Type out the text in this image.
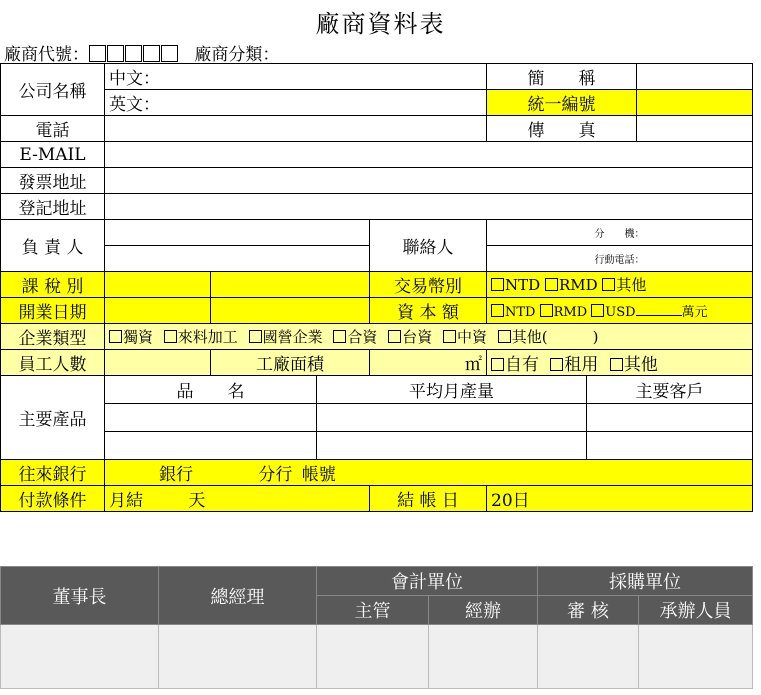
廠商資料表
廠商代號：	廠商分類：
公司名稱	中文：				簡　　稱		
	英文：				統一編號		
電話					傳　　真		
E-MAIL							
發票地址							
登記地址							
負 責 人				聯絡人	分　　機：		
					行動電話：		
課 稅 別				交易幣別	NTD RMD 其他		
開業日期				資 本 額	NTD RMD USD 萬元		
企業類型	獨資 來料加工 國營企業 合資 台資 中資 其他(　　　)						
員工人數		工廠面積		㎡	自有 租用 其他		
主要產品	品　　名		平均月產量			主要客戶	

往來銀行	銀行 分行 帳號						
付款條件	月結 天			結 帳 日	20日		
董事長	總經理	會計單位		採購單位	
		主管	經辦	審 核	承辦人員
